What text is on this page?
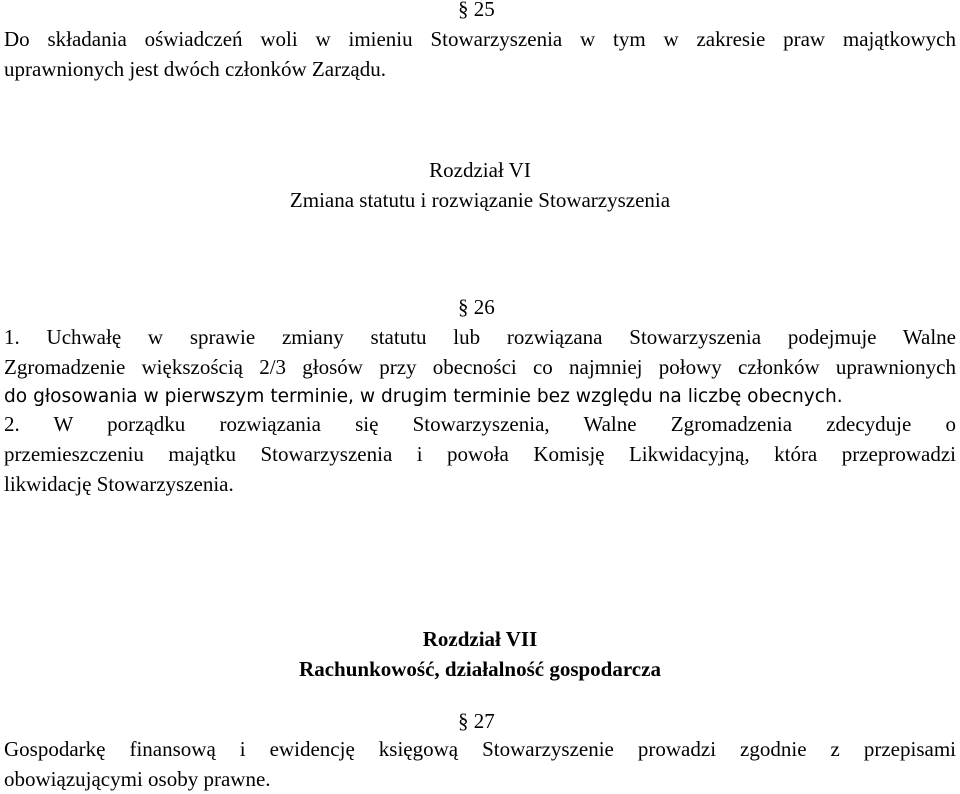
§ 25
Do składania oświadczeń woli w imieniu Stowarzyszenia w tym w zakresie praw majątkowych
uprawnionych jest dwóch członków Zarządu.
Rozdział VI
Zmiana statutu i rozwiązanie Stowarzyszenia
§ 26
1. Uchwałę w sprawie zmiany statutu lub rozwiązana Stowarzyszenia podejmuje Walne
Zgromadzenie większością 2/3 głosów przy obecności co najmniej połowy członków uprawnionych
do głosowania w pierwszym terminie, w drugim terminie bez względu na liczbę obecnych.
2. W porządku rozwiązania się Stowarzyszenia, Walne Zgromadzenia zdecyduje o
przemieszczeniu majątku Stowarzyszenia i powoła Komisję Likwidacyjną, która przeprowadzi
likwidację Stowarzyszenia.
Rozdział VII
Rachunkowość, działalność gospodarcza
§ 27
Gospodarkę finansową i ewidencję księgową Stowarzyszenie prowadzi zgodnie z przepisami
obowiązującymi osoby prawne.
